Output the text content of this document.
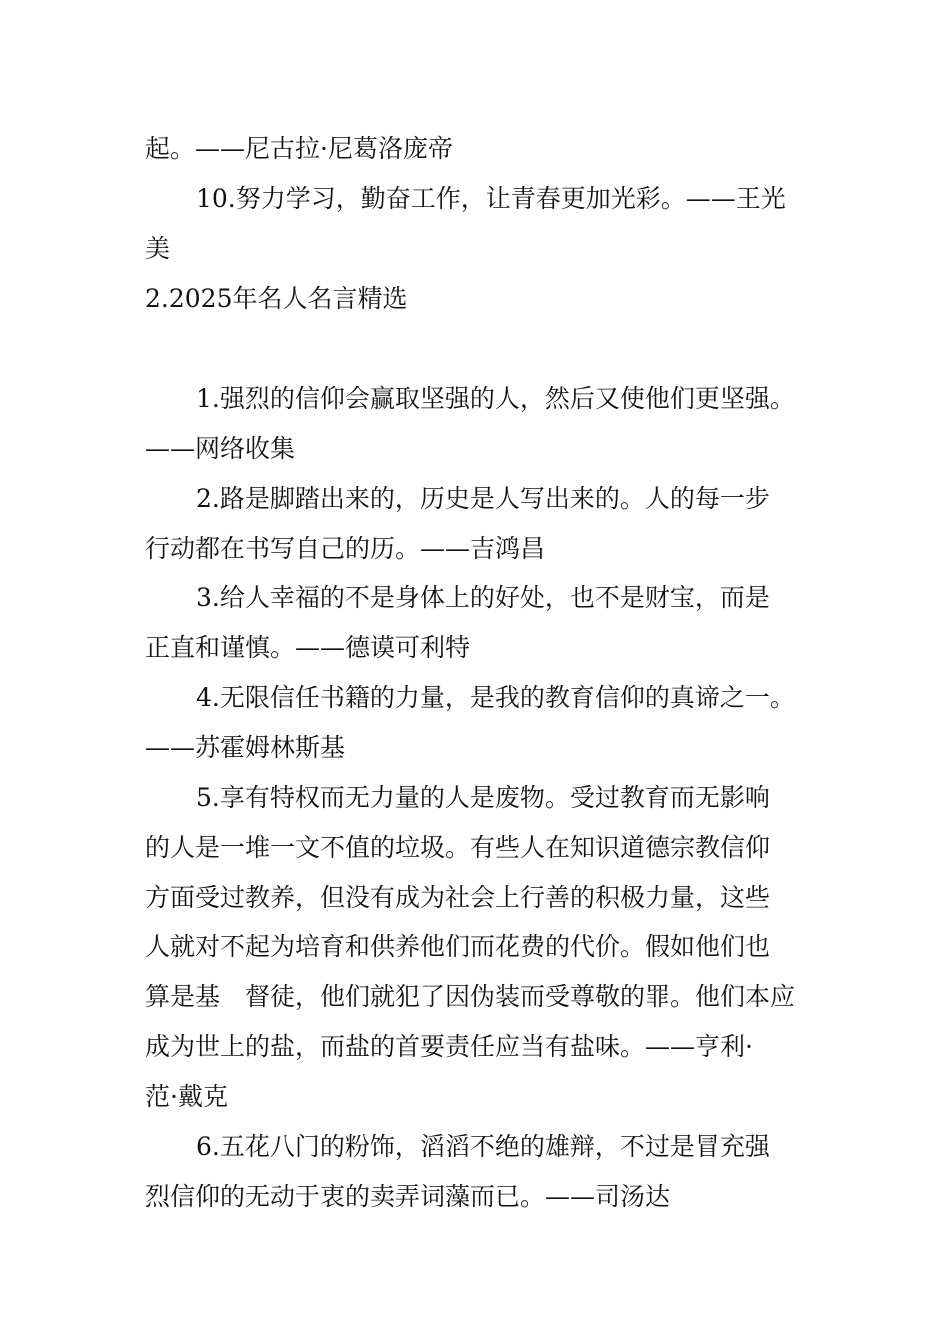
起。——尼古拉·尼葛洛庞帝
10.努力学习，勤奋工作，让青春更加光彩。——王光
美
2.2025年名人名言精选
1.强烈的信仰会赢取坚强的人，然后又使他们更坚强。
——网络收集
2.路是脚踏出来的，历史是人写出来的。人的每一步
行动都在书写自己的历。——吉鸿昌
3.给人幸福的不是身体上的好处，也不是财宝，而是
正直和谨慎。——德谟可利特
4.无限信任书籍的力量，是我的教育信仰的真谛之一。
——苏霍姆林斯基
5.享有特权而无力量的人是废物。受过教育而无影响
的人是一堆一文不值的垃圾。有些人在知识道德宗教信仰
方面受过教养，但没有成为社会上行善的积极力量，这些
人就对不起为培育和供养他们而花费的代价。假如他们也
算是基　督徒，他们就犯了因伪装而受尊敬的罪。他们本应
成为世上的盐，而盐的首要责任应当有盐味。——亨利·
范·戴克
6.五花八门的粉饰，滔滔不绝的雄辩，不过是冒充强
烈信仰的无动于衷的卖弄词藻而已。——司汤达
